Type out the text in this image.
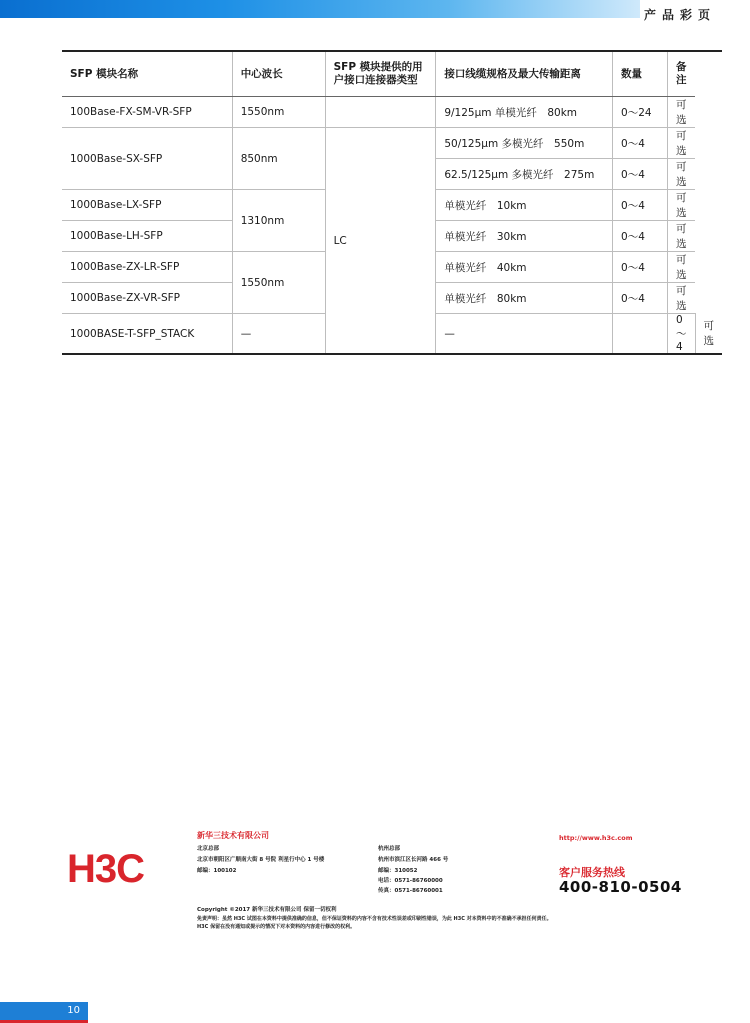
产品彩页
SFP 模块名称	中心波长	SFP 模块提供的用
户接口连接器类型	接口线缆规格及最大传输距离	数量	备注	
100Base-FX-SM-VR-SFP	1550nm		9/125μm 单模光纤　80km	0～24	可选	
1000Base-SX-SFP	850nm	LC	50/125μm 多模光纤　550m	0～4	可选	
			62.5/125μm 多模光纤　275m	0～4	可选	
1000Base-LX-SFP	1310nm		单模光纤　10km	0～4	可选	
1000Base-LH-SFP			单模光纤　30km	0～4	可选	
1000Base-ZX-LR-SFP	1550nm		单模光纤　40km	0～4	可选	
1000Base-ZX-VR-SFP			单模光纤　80km	0～4	可选	
1000BASE-T-SFP_STACK	—		—		0～4	可选
H3C
新华三技术有限公司
北京总部
北京市朝阳区广顺南大街 8 号院 利星行中心 1 号楼
邮编：100102
杭州总部
杭州市滨江区长河路 466 号
邮编：310052
电话：0571-86760000
传真：0571-86760001
http://www.h3c.com
客户服务热线
400-810-0504
Copyright ©2017 新华三技术有限公司 保留一切权利
免责声明：虽然 H3C 试图在本资料中提供准确的信息，但不保证资料的内容不含有技术性误差或印刷性错误，为此 H3C 对本资料中的不准确不承担任何责任。
H3C 保留在没有通知或提示的情况下对本资料的内容进行修改的权利。
10
